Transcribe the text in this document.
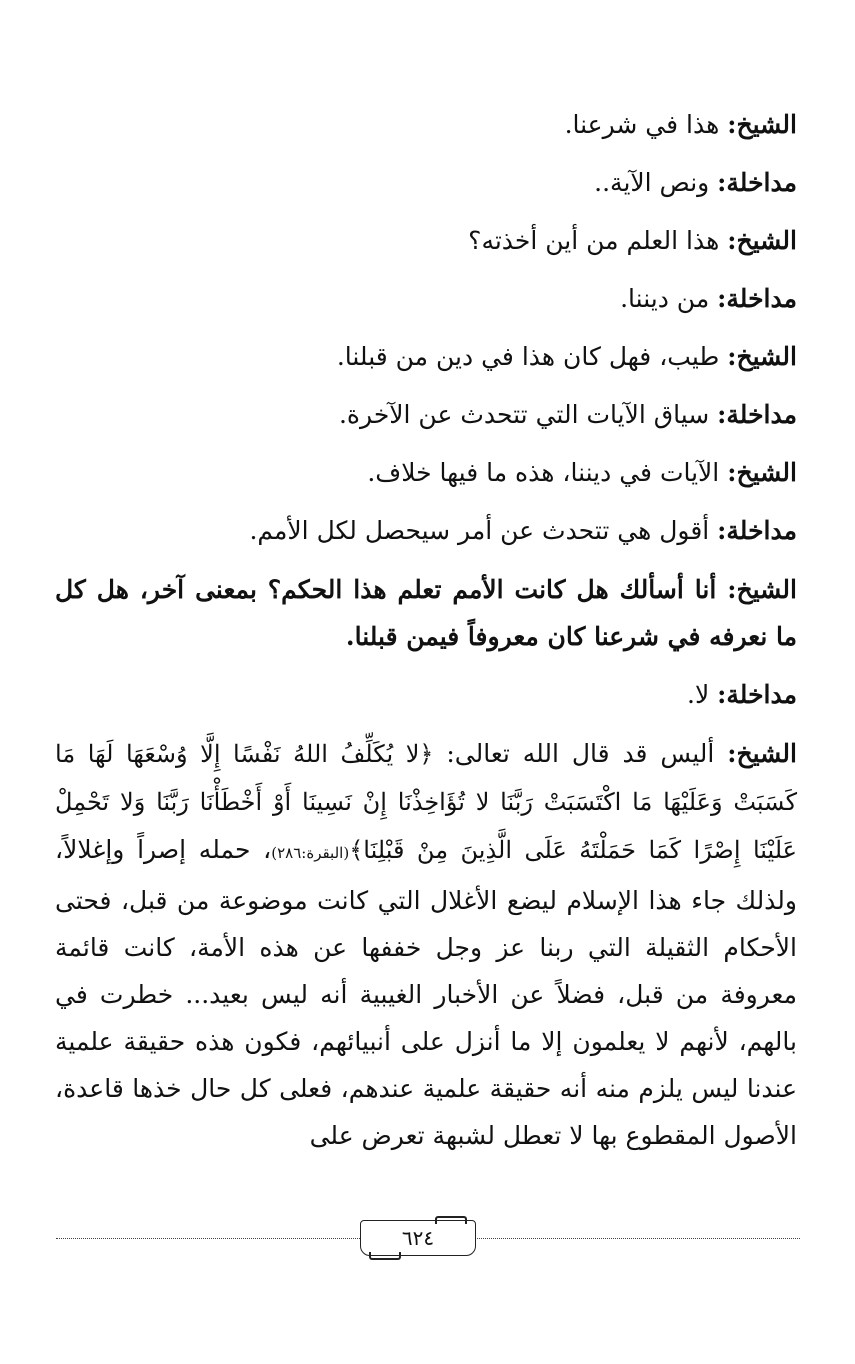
الشيخ: هذا في شرعنا.

مداخلة: ونص الآية..

الشيخ: هذا العلم من أين أخذته؟

مداخلة: من ديننا.

الشيخ: طيب، فهل كان هذا في دين من قبلنا.

مداخلة: سياق الآيات التي تتحدث عن الآخرة.

الشيخ: الآيات في ديننا، هذه ما فيها خلاف.

مداخلة: أقول هي تتحدث عن أمر سيحصل لكل الأمم.

الشيخ: أنا أسألك هل كانت الأمم تعلم هذا الحكم؟ بمعنى آخر، هل كل ما نعرفه في شرعنا كان معروفاً فيمن قبلنا.

مداخلة: لا.

الشيخ: أليس قد قال الله تعالى: ﴿لا يُكَلِّفُ اللهُ نَفْسًا إِلَّا وُسْعَهَا لَهَا مَا كَسَبَتْ وَعَلَيْهَا مَا اكْتَسَبَتْ رَبَّنَا لا تُؤَاخِذْنَا إِنْ نَسِينَا أَوْ أَخْطَأْنَا رَبَّنَا وَلا تَحْمِلْ عَلَيْنَا إِصْرًا كَمَا حَمَلْتَهُ عَلَى الَّذِينَ مِنْ قَبْلِنَا﴾(البقرة:٢٨٦)، حمله إصراً وإغلالاً، ولذلك جاء هذا الإسلام ليضع الأغلال التي كانت موضوعة من قبل، فحتى الأحكام الثقيلة التي ربنا عز وجل خففها عن هذه الأمة، كانت قائمة معروفة من قبل، فضلاً عن الأخبار الغيبية أنه ليس بعيد... خطرت في بالهم، لأنهم لا يعلمون إلا ما أنزل على أنبيائهم، فكون هذه حقيقة علمية عندنا ليس يلزم منه أنه حقيقة علمية عندهم، فعلى كل حال خذها قاعدة، الأصول المقطوع بها لا تعطل لشبهة تعرض على

٦٢٤
